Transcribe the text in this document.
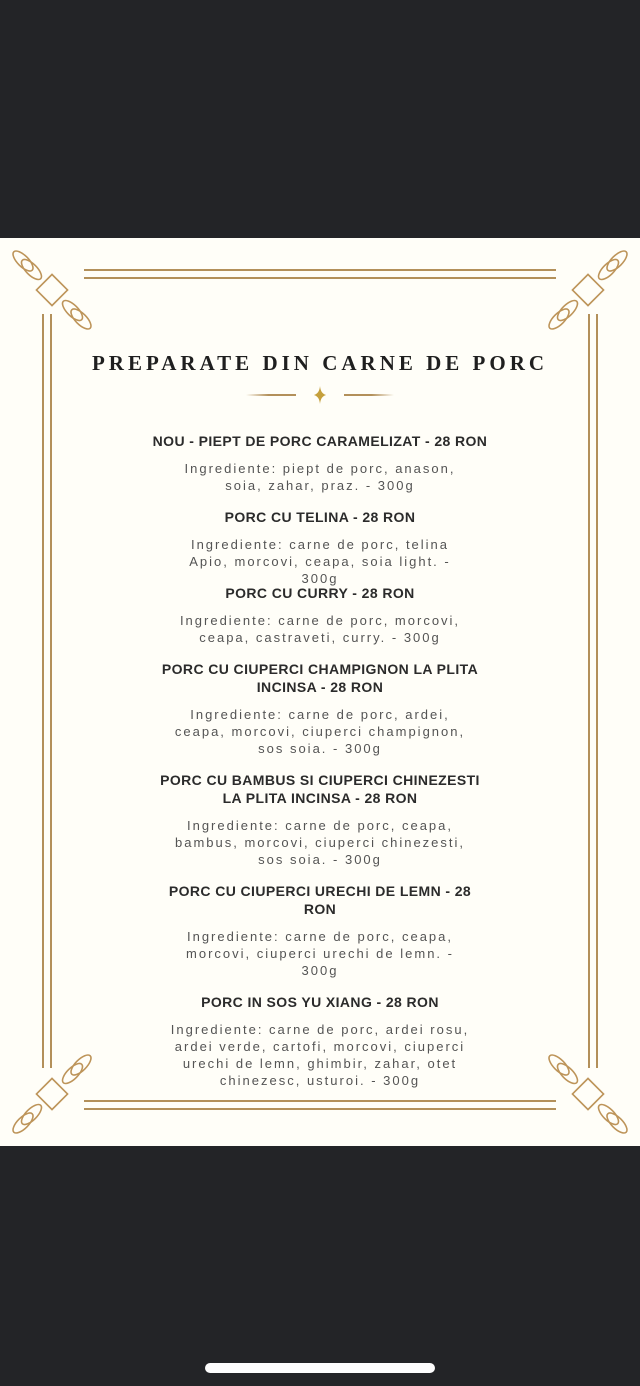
PREPARATE DIN CARNE DE PORC
NOU - PIEPT DE PORC CARAMELIZAT - 28 RON

Ingrediente: piept de porc, anason,
soia, zahar, praz. - 300g

PORC CU TELINA - 28 RON

Ingrediente: carne de porc, telina
Apio, morcovi, ceapa, soia light. -
300g

PORC CU CURRY - 28 RON

Ingrediente: carne de porc, morcovi,
ceapa, castraveti, curry. - 300g

PORC CU CIUPERCI CHAMPIGNON LA PLITA
INCINSA - 28 RON

Ingrediente: carne de porc, ardei,
ceapa, morcovi, ciuperci champignon,
sos soia. - 300g

PORC CU BAMBUS SI CIUPERCI CHINEZESTI
LA PLITA INCINSA - 28 RON

Ingrediente: carne de porc, ceapa,
bambus, morcovi, ciuperci chinezesti,
sos soia. - 300g

PORC CU CIUPERCI URECHI DE LEMN - 28
RON

Ingrediente: carne de porc, ceapa,
morcovi, ciuperci urechi de lemn. -
300g

PORC IN SOS YU XIANG - 28 RON

Ingrediente: carne de porc, ardei rosu,
ardei verde, cartofi, morcovi, ciuperci
urechi de lemn, ghimbir, zahar, otet
chinezesc, usturoi. - 300g
